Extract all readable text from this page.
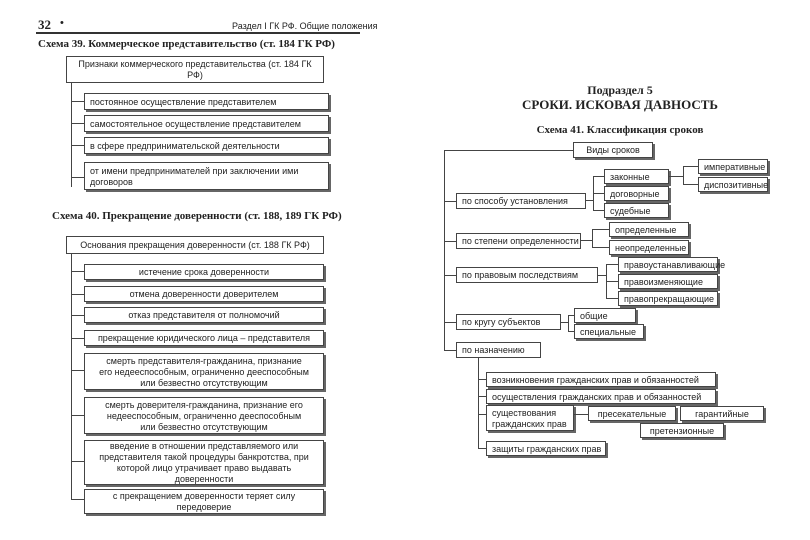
32 •	Раздел I ГК РФ. Общие положения
Схема 39. Коммерческое представительство (ст. 184 ГК РФ)
Признаки коммерческого представительства (ст. 184 ГК РФ)
постоянное осуществление представителем
самостоятельное осуществление представителем
в сфере предпринимательской деятельности
от имени предпринимателей при заключении ими договоров
Схема 40. Прекращение доверенности (ст. 188, 189 ГК РФ)
Основания прекращения доверенности (ст. 188 ГК РФ)
истечение срока доверенности
отмена доверенности доверителем
отказ представителя от полномочий
прекращение юридического лица – представителя
смерть представителя-гражданина, признание его недееспособным, ограниченно дееспособным или безвестно отсутствующим
смерть доверителя-гражданина, признание его недееспособным, ограниченно дееспособным или безвестно отсутствующим
введение в отношении представляемого или представителя такой процедуры банкротства, при которой лицо утрачивает право выдавать доверенности
с прекращением доверенности теряет силу передоверие
Подраздел 5
СРОКИ. ИСКОВАЯ ДАВНОСТЬ
Схема 41. Классификация сроков
Виды сроков
по способу установления
законные
договорные
судебные
императивные
диспозитивные
по степени определенности
определенные
неопределенные
по правовым последствиям
правоустанавливающие
правоизменяющие
правопрекращающие
по кругу субъектов
общие
специальные
по назначению
возникновения гражданских прав и обязанностей
осуществления гражданских прав и обязанностей
существования гражданских прав
пресекательные	гарантийные
претензионные
защиты гражданских прав
